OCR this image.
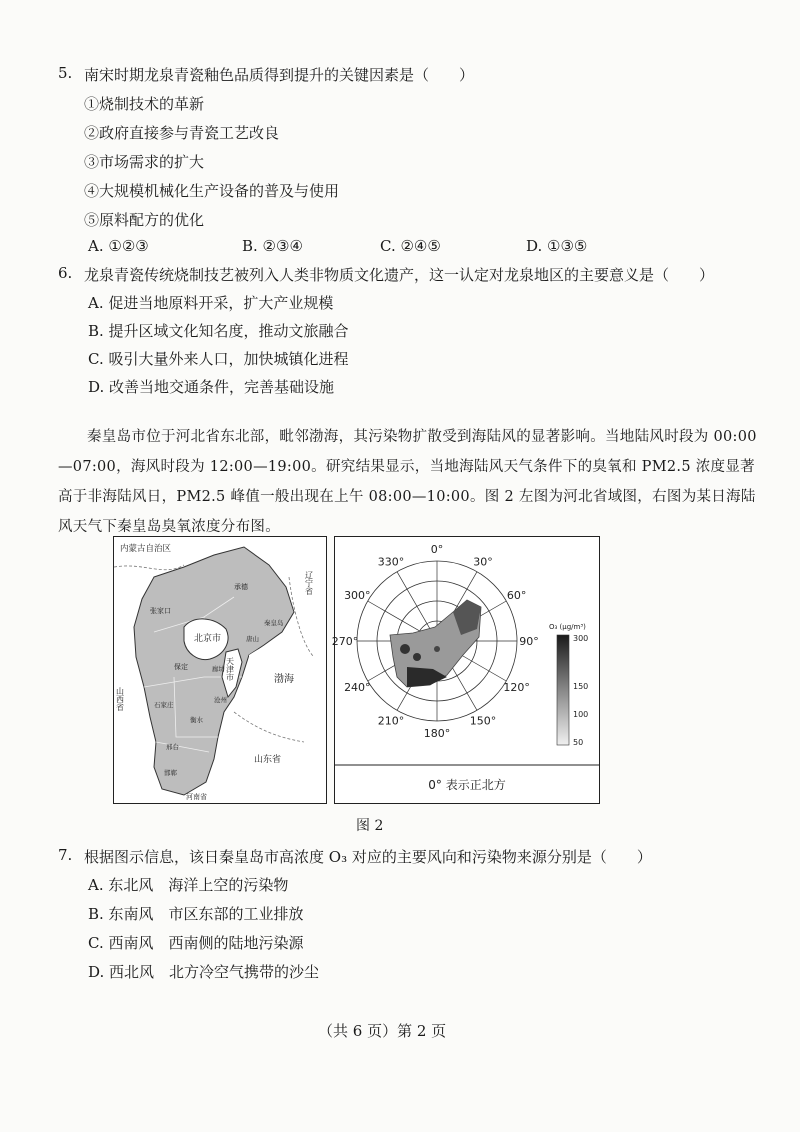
5. 南宋时期龙泉青瓷釉色品质得到提升的关键因素是（　　）
①烧制技术的革新
②政府直接参与青瓷工艺改良
③市场需求的扩大
④大规模机械化生产设备的普及与使用
⑤原料配方的优化
A. ①②③	B. ②③④	C. ②④⑤	D. ①③⑤
6. 龙泉青瓷传统烧制技艺被列入人类非物质文化遗产，这一认定对龙泉地区的主要意义是（　　）
A. 促进当地原料开采，扩大产业规模
B. 提升区域文化知名度，推动文旅融合
C. 吸引大量外来人口，加快城镇化进程
D. 改善当地交通条件，完善基础设施

秦皇岛市位于河北省东北部，毗邻渤海，其污染物扩散受到海陆风的显著影响。当地陆风时段为 00:00—07:00，海风时段为 12:00—19:00。研究结果显示，当地海陆风天气条件下的臭氧和 PM2.5 浓度显著高于非海陆风日，PM2.5 峰值一般出现在上午 08:00—10:00。图 2 左图为河北省域图，右图为某日海陆风天气下秦皇岛臭氧浓度分布图。

内蒙古自治区
辽宁省
北京市
天津市	渤海
山西省
山东省
河南省
张家口
承德
秦皇岛
唐山
廊坊
保定
沧州
石家庄
衡水
邢台
邯郸
0°
30°
60°
90°
120°
150°
180°
210°
240°
270°
300°
330°
O₃ (μg/m³)
300
150
100
50
0° 表示正北方
图 2
7. 根据图示信息，该日秦皇岛市高浓度 O₃ 对应的主要风向和污染物来源分别是（　　）
A. 东北风　海洋上空的污染物
B. 东南风　市区东部的工业排放
C. 西南风　西南侧的陆地污染源
D. 西北风　北方冷空气携带的沙尘
（共 6 页）第 2 页
